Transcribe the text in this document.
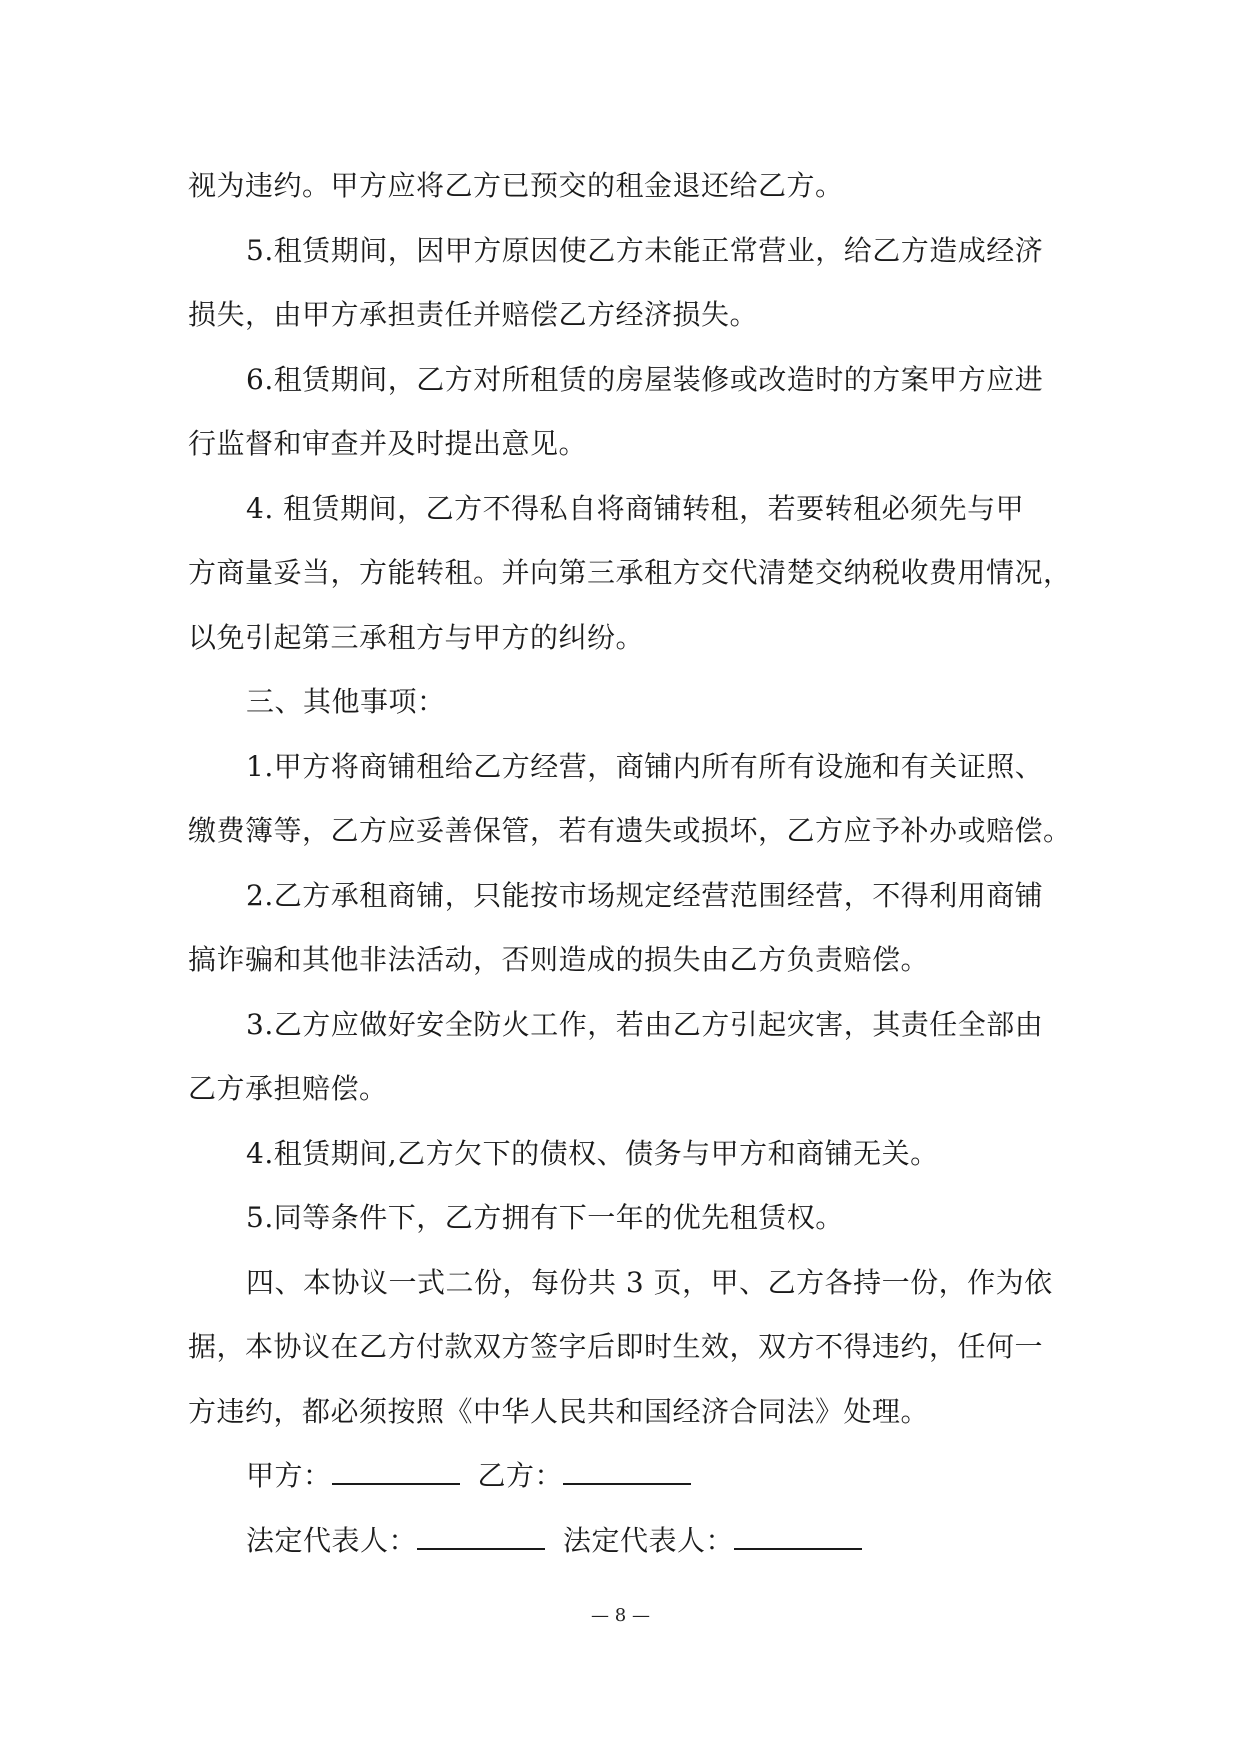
视为违约。甲方应将乙方已预交的租金退还给乙方。
5.租赁期间，因甲方原因使乙方未能正常营业，给乙方造成经济
损失，由甲方承担责任并赔偿乙方经济损失。
6.租赁期间，乙方对所租赁的房屋装修或改造时的方案甲方应进
行监督和审查并及时提出意见。
4. 租赁期间，乙方不得私自将商铺转租，若要转租必须先与甲
方商量妥当，方能转租。并向第三承租方交代清楚交纳税收费用情况，
以免引起第三承租方与甲方的纠纷。
三、其他事项：
1.甲方将商铺租给乙方经营，商铺内所有所有设施和有关证照、
缴费簿等，乙方应妥善保管，若有遗失或损坏，乙方应予补办或赔偿。
2.乙方承租商铺，只能按市场规定经营范围经营，不得利用商铺
搞诈骗和其他非法活动，否则造成的损失由乙方负责赔偿。
3.乙方应做好安全防火工作，若由乙方引起灾害，其责任全部由
乙方承担赔偿。
4.租赁期间,乙方欠下的债权、债务与甲方和商铺无关。
5.同等条件下，乙方拥有下一年的优先租赁权。
四、本协议一式二份，每份共 3 页，甲、乙方各持一份，作为依
据，本协议在乙方付款双方签字后即时生效，双方不得违约，任何一
方违约，都必须按照《中华人民共和国经济合同法》处理。
甲方：	乙方：
法定代表人：	法定代表人：
— 8 —
